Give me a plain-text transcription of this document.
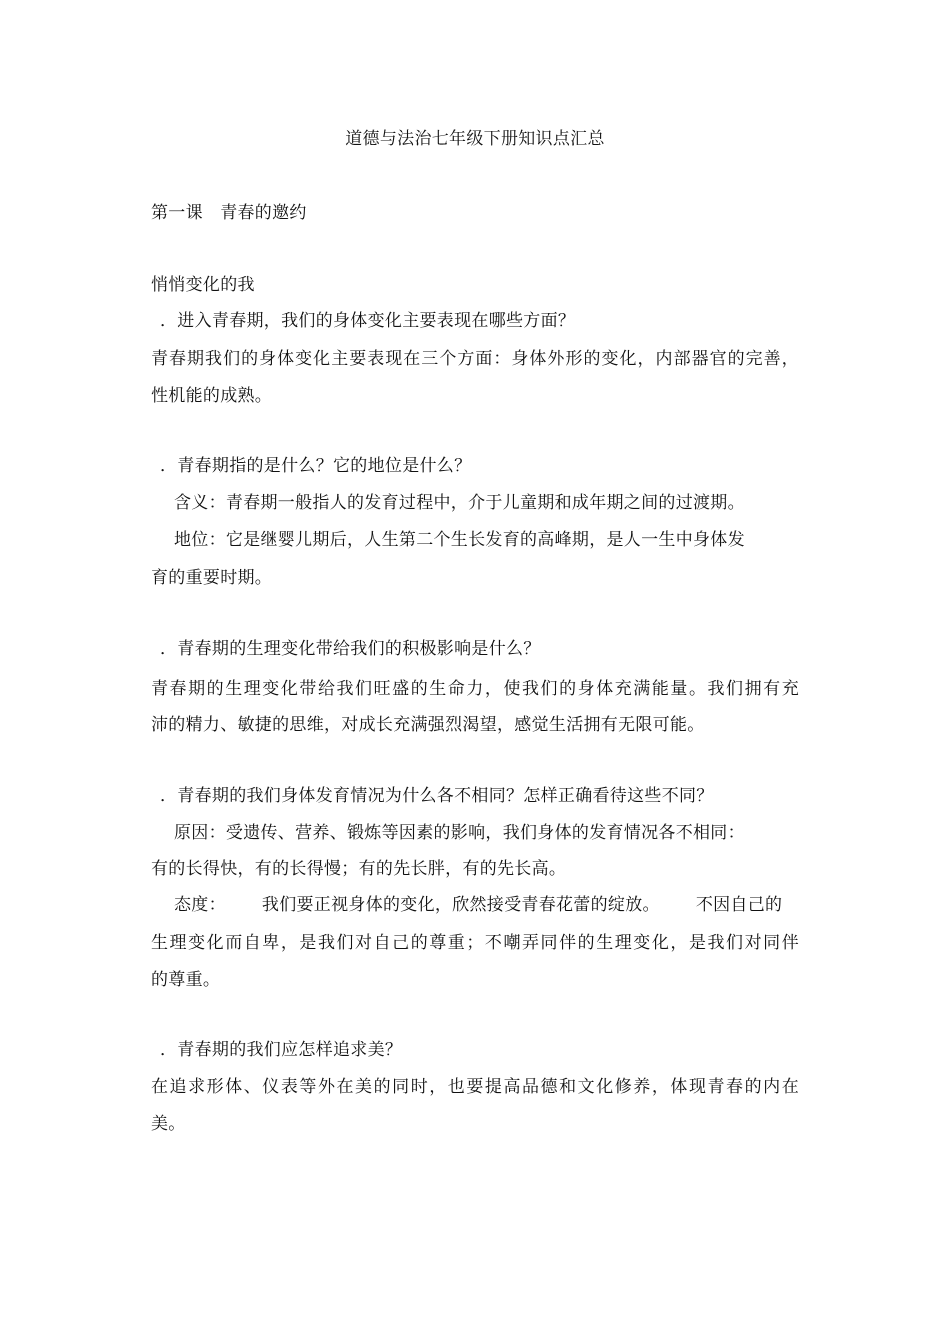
道德与法治七年级下册知识点汇总
第一课　青春的邀约
悄悄变化的我
．进入青春期，我们的身体变化主要表现在哪些方面？
青春期我们的身体变化主要表现在三个方面：身体外形的变化，内部器官的完善，
性机能的成熟。
．青春期指的是什么？它的地位是什么？
含义：青春期一般指人的发育过程中，介于儿童期和成年期之间的过渡期。
地位：它是继婴儿期后，人生第二个生长发育的高峰期，是人一生中身体发
育的重要时期。
．青春期的生理变化带给我们的积极影响是什么？
青春期的生理变化带给我们旺盛的生命力，使我们的身体充满能量。我们拥有充
沛的精力、敏捷的思维，对成长充满强烈渴望，感觉生活拥有无限可能。
．青春期的我们身体发育情况为什么各不相同？怎样正确看待这些不同？
原因：受遗传、营养、锻炼等因素的影响，我们身体的发育情况各不相同：
有的长得快，有的长得慢；有的先长胖，有的先长高。
态度： 我们要正视身体的变化，欣然接受青春花蕾的绽放。 不因自己的
生理变化而自卑，是我们对自己的尊重；不嘲弄同伴的生理变化，是我们对同伴
的尊重。
．青春期的我们应怎样追求美？
在追求形体、仪表等外在美的同时，也要提高品德和文化修养，体现青春的内在
美。
